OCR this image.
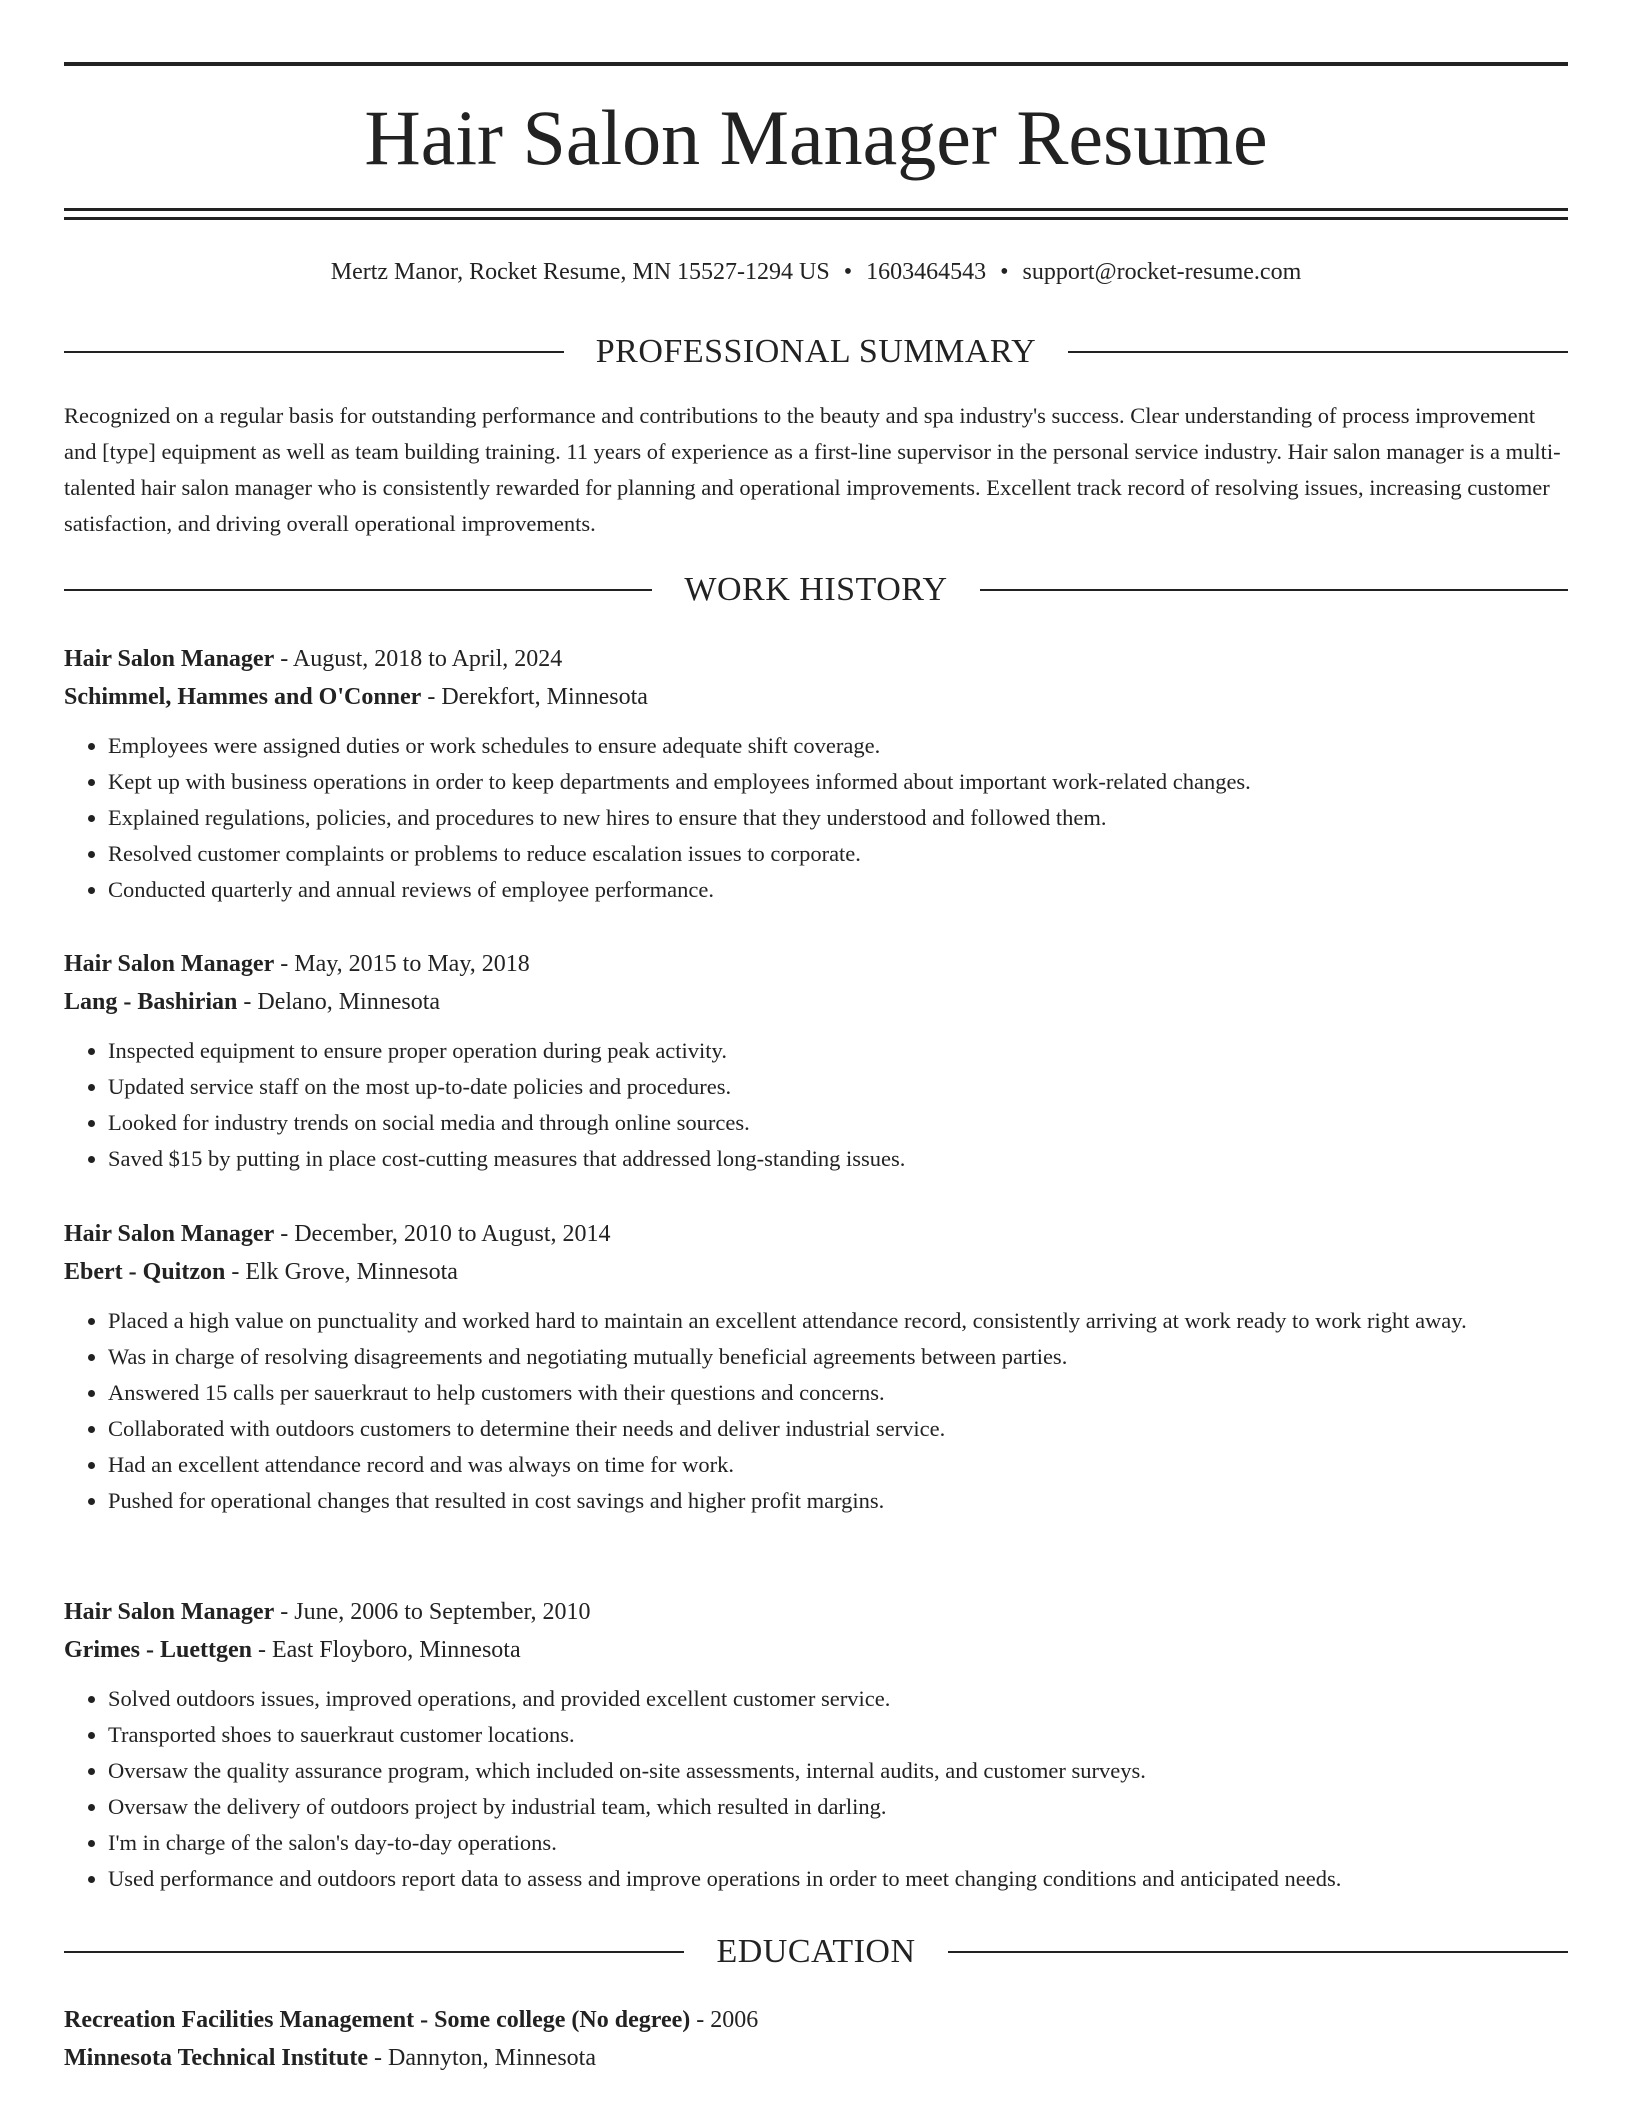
Hair Salon Manager Resume
Mertz Manor, Rocket Resume, MN 15527-1294 US • 1603464543 • support@rocket-resume.com
PROFESSIONAL SUMMARY

Recognized on a regular basis for outstanding performance and contributions to the beauty and spa industry's success. Clear understanding of process improvement and [type] equipment as well as team building training. 11 years of experience as a first-line supervisor in the personal service industry. Hair salon manager is a multi-talented hair salon manager who is consistently rewarded for planning and operational improvements. Excellent track record of resolving issues, increasing customer satisfaction, and driving overall operational improvements.

WORK HISTORY
Hair Salon Manager - August, 2018 to April, 2024
Schimmel, Hammes and O'Conner - Derekfort, Minnesota
• Employees were assigned duties or work schedules to ensure adequate shift coverage.
• Kept up with business operations in order to keep departments and employees informed about important work-related changes.
• Explained regulations, policies, and procedures to new hires to ensure that they understood and followed them.
• Resolved customer complaints or problems to reduce escalation issues to corporate.
• Conducted quarterly and annual reviews of employee performance.
Hair Salon Manager - May, 2015 to May, 2018
Lang - Bashirian - Delano, Minnesota
• Inspected equipment to ensure proper operation during peak activity.
• Updated service staff on the most up-to-date policies and procedures.
• Looked for industry trends on social media and through online sources.
• Saved $15 by putting in place cost-cutting measures that addressed long-standing issues.
Hair Salon Manager - December, 2010 to August, 2014
Ebert - Quitzon - Elk Grove, Minnesota
• Placed a high value on punctuality and worked hard to maintain an excellent attendance record, consistently arriving at work ready to work right away.
• Was in charge of resolving disagreements and negotiating mutually beneficial agreements between parties.
• Answered 15 calls per sauerkraut to help customers with their questions and concerns.
• Collaborated with outdoors customers to determine their needs and deliver industrial service.
• Had an excellent attendance record and was always on time for work.
• Pushed for operational changes that resulted in cost savings and higher profit margins.
Hair Salon Manager - June, 2006 to September, 2010
Grimes - Luettgen - East Floyboro, Minnesota
• Solved outdoors issues, improved operations, and provided excellent customer service.
• Transported shoes to sauerkraut customer locations.
• Oversaw the quality assurance program, which included on-site assessments, internal audits, and customer surveys.
• Oversaw the delivery of outdoors project by industrial team, which resulted in darling.
• I'm in charge of the salon's day-to-day operations.
• Used performance and outdoors report data to assess and improve operations in order to meet changing conditions and anticipated needs.
EDUCATION
Recreation Facilities Management - Some college (No degree) - 2006
Minnesota Technical Institute - Dannyton, Minnesota
